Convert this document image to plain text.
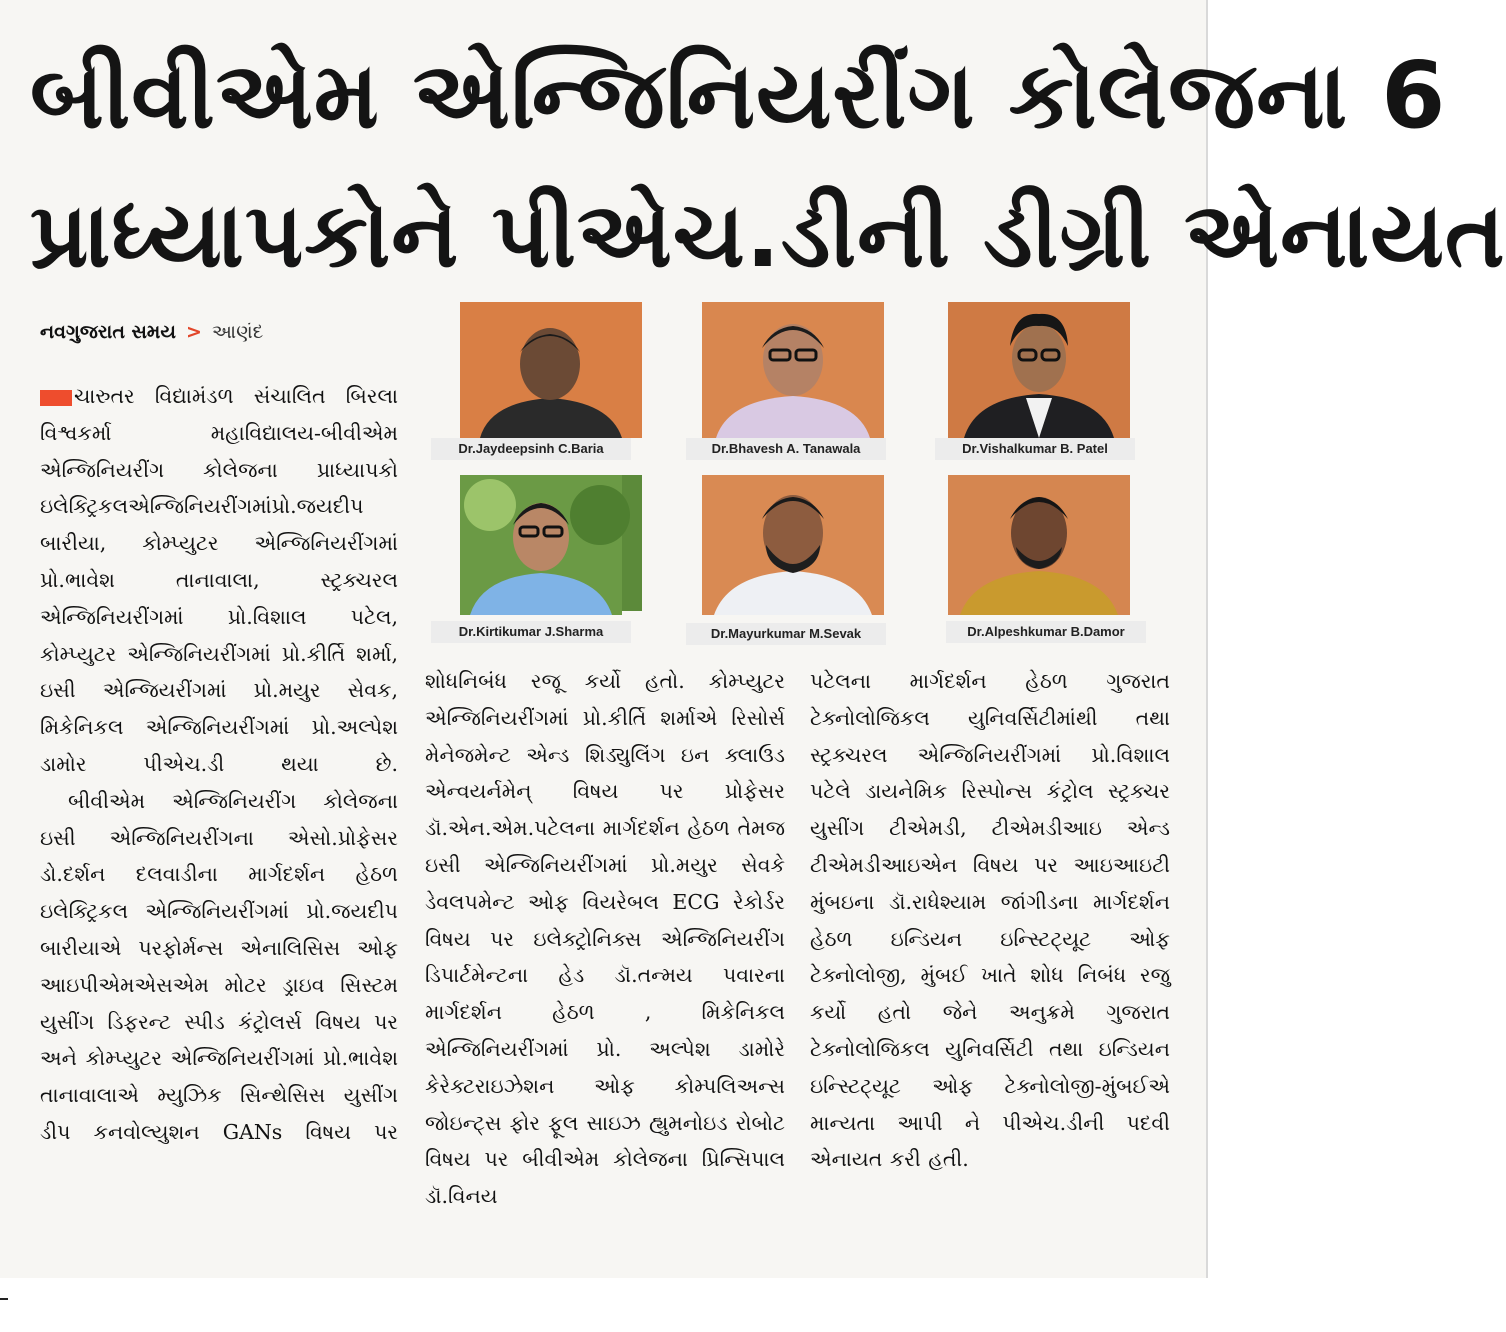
બીવીએમ એન્જિનિયરીંગ કોલેજના 6
પ્રાધ્યાપકોને પીએચ.ડીની ડીગ્રી એનાયત
નવગુજરાત સમય > આણંદ
Dr.Jaydeepsinh C.Baria	Dr.Bhavesh A. Tanawala	Dr.Vishalkumar B. Patel
Dr.Kirtikumar J.Sharma	Dr.Mayurkumar M.Sevak	Dr.Alpeshkumar B.Damor

ચારુતર વિદ્યામંડળ સંચાલિત બિરલા વિશ્વકર્મા મહાવિદ્યાલય-બીવીએમ એન્જિનિયરીંગ કોલેજના પ્રાધ્યાપકો ઇલેક્ટ્રિકલએન્જિનિયરીંગમાંપ્રો.જયદીપ બારીયા, કોમ્પ્યુટર એન્જિનિયરીંગમાં પ્રો.ભાવેશ તાનાવાલા, સ્ટ્રક્ચરલ એન્જિનિયરીંગમાં પ્રો.વિશાલ પટેલ, કોમ્પ્યુટર એન્જિનિયરીંગમાં પ્રો.કીર્તિ શર્મા, ઇસી એન્જિયરીંગમાં પ્રો.મયુર સેવક, મિકેનિકલ એન્જિનિયરીંગમાં પ્રો.અલ્પેશ ડામોર પીએચ.ડી થયા છે.

બીવીએમ એન્જિનિયરીંગ કોલેજના ઇસી એન્જિનિયરીંગના એસો.પ્રોફેસર ડો.દર્શન દલવાડીના માર્ગદર્શન હેઠળ ઇલેક્ટ્રિકલ એન્જિનિયરીંગમાં પ્રો.જયદીપ બારીયાએ પરફોર્મન્સ એનાલિસિસ ઓફ આઇપીએમએસએમ મોટર ડ્રાઇવ સિસ્ટમ યુસીંગ ડિફરન્ટ સ્પીડ કંટ્રોલર્સ વિષય પર અને કોમ્પ્યુટર એન્જિનિયરીંગમાં પ્રો.ભાવેશ તાનાવાલાએ મ્યુઝિક સિન્થેસિસ યુસીંગ ડીપ કનવોલ્યુશન GANs વિષય પર

શોધનિબંધ રજૂ કર્યો હતો. કોમ્પ્યુટર એન્જિનિયરીંગમાં પ્રો.કીર્તિ શર્માએ રિસોર્સ મેનેજમેન્ટ એન્ડ શિડ્યુલિંગ ઇન ક્લાઉડ એન્વયર્નમેન્ વિષય પર પ્રોફેસર ડૉ.એન.એમ.પટેલના માર્ગદર્શન હેઠળ તેમજ ઇસી એન્જિનિયરીંગમાં પ્રો.મયુર સેવકે ડેવલપમેન્ટ ઓફ વિયરેબલ ECG રેકોર્ડર વિષય પર ઇલેક્ટ્રોનિક્સ એન્જિનિયરીંગ ડિપાર્ટમેન્ટના હેડ ડૉ.તન્મય પવારના માર્ગદર્શન હેઠળ , મિકેનિકલ એન્જિનિયરીંગમાં પ્રો. અલ્પેશ ડામોરે કેરેક્ટરાઇઝેશન ઓફ કોમ્પલિઅન્સ જોઇન્ટ્સ ફોર ફૂલ સાઇઝ હ્યુમનોઇડ રોબોટ વિષય પર બીવીએમ કોલેજના પ્રિન્સિપાલ ડૉ.વિનય

પટેલના માર્ગદર્શન હેઠળ ગુજરાત ટેક્નોલોજિકલ યુનિવર્સિટીમાંથી તથા સ્ટ્રક્ચરલ એન્જિનિયરીંગમાં પ્રો.વિશાલ પટેલે ડાયનેમિક રિસ્પોન્સ કંટ્રોલ સ્ટ્રક્ચર યુસીંગ ટીએમડી, ટીએમડીઆઇ એન્ડ ટીએમડીઆઇએન વિષય પર આઇઆઇટી મુંબઇના ડૉ.રાધેશ્યામ જાંગીડના માર્ગદર્શન હેઠળ ઇન્ડિયન ઇન્સ્ટિટ્યૂટ ઓફ ટેક્નોલોજી, મુંબઈ ખાતે શોધ નિબંધ રજુ કર્યો હતો જેને અનુક્રમે ગુજરાત ટેક્નોલોજિકલ યુનિવર્સિટી તથા ઇન્ડિયન ઇન્સ્ટિટ્યૂટ ઓફ ટેક્નોલોજી-મુંબઈએ માન્યતા આપી ને પીએચ.ડીની પદવી એનાયત કરી હતી.
